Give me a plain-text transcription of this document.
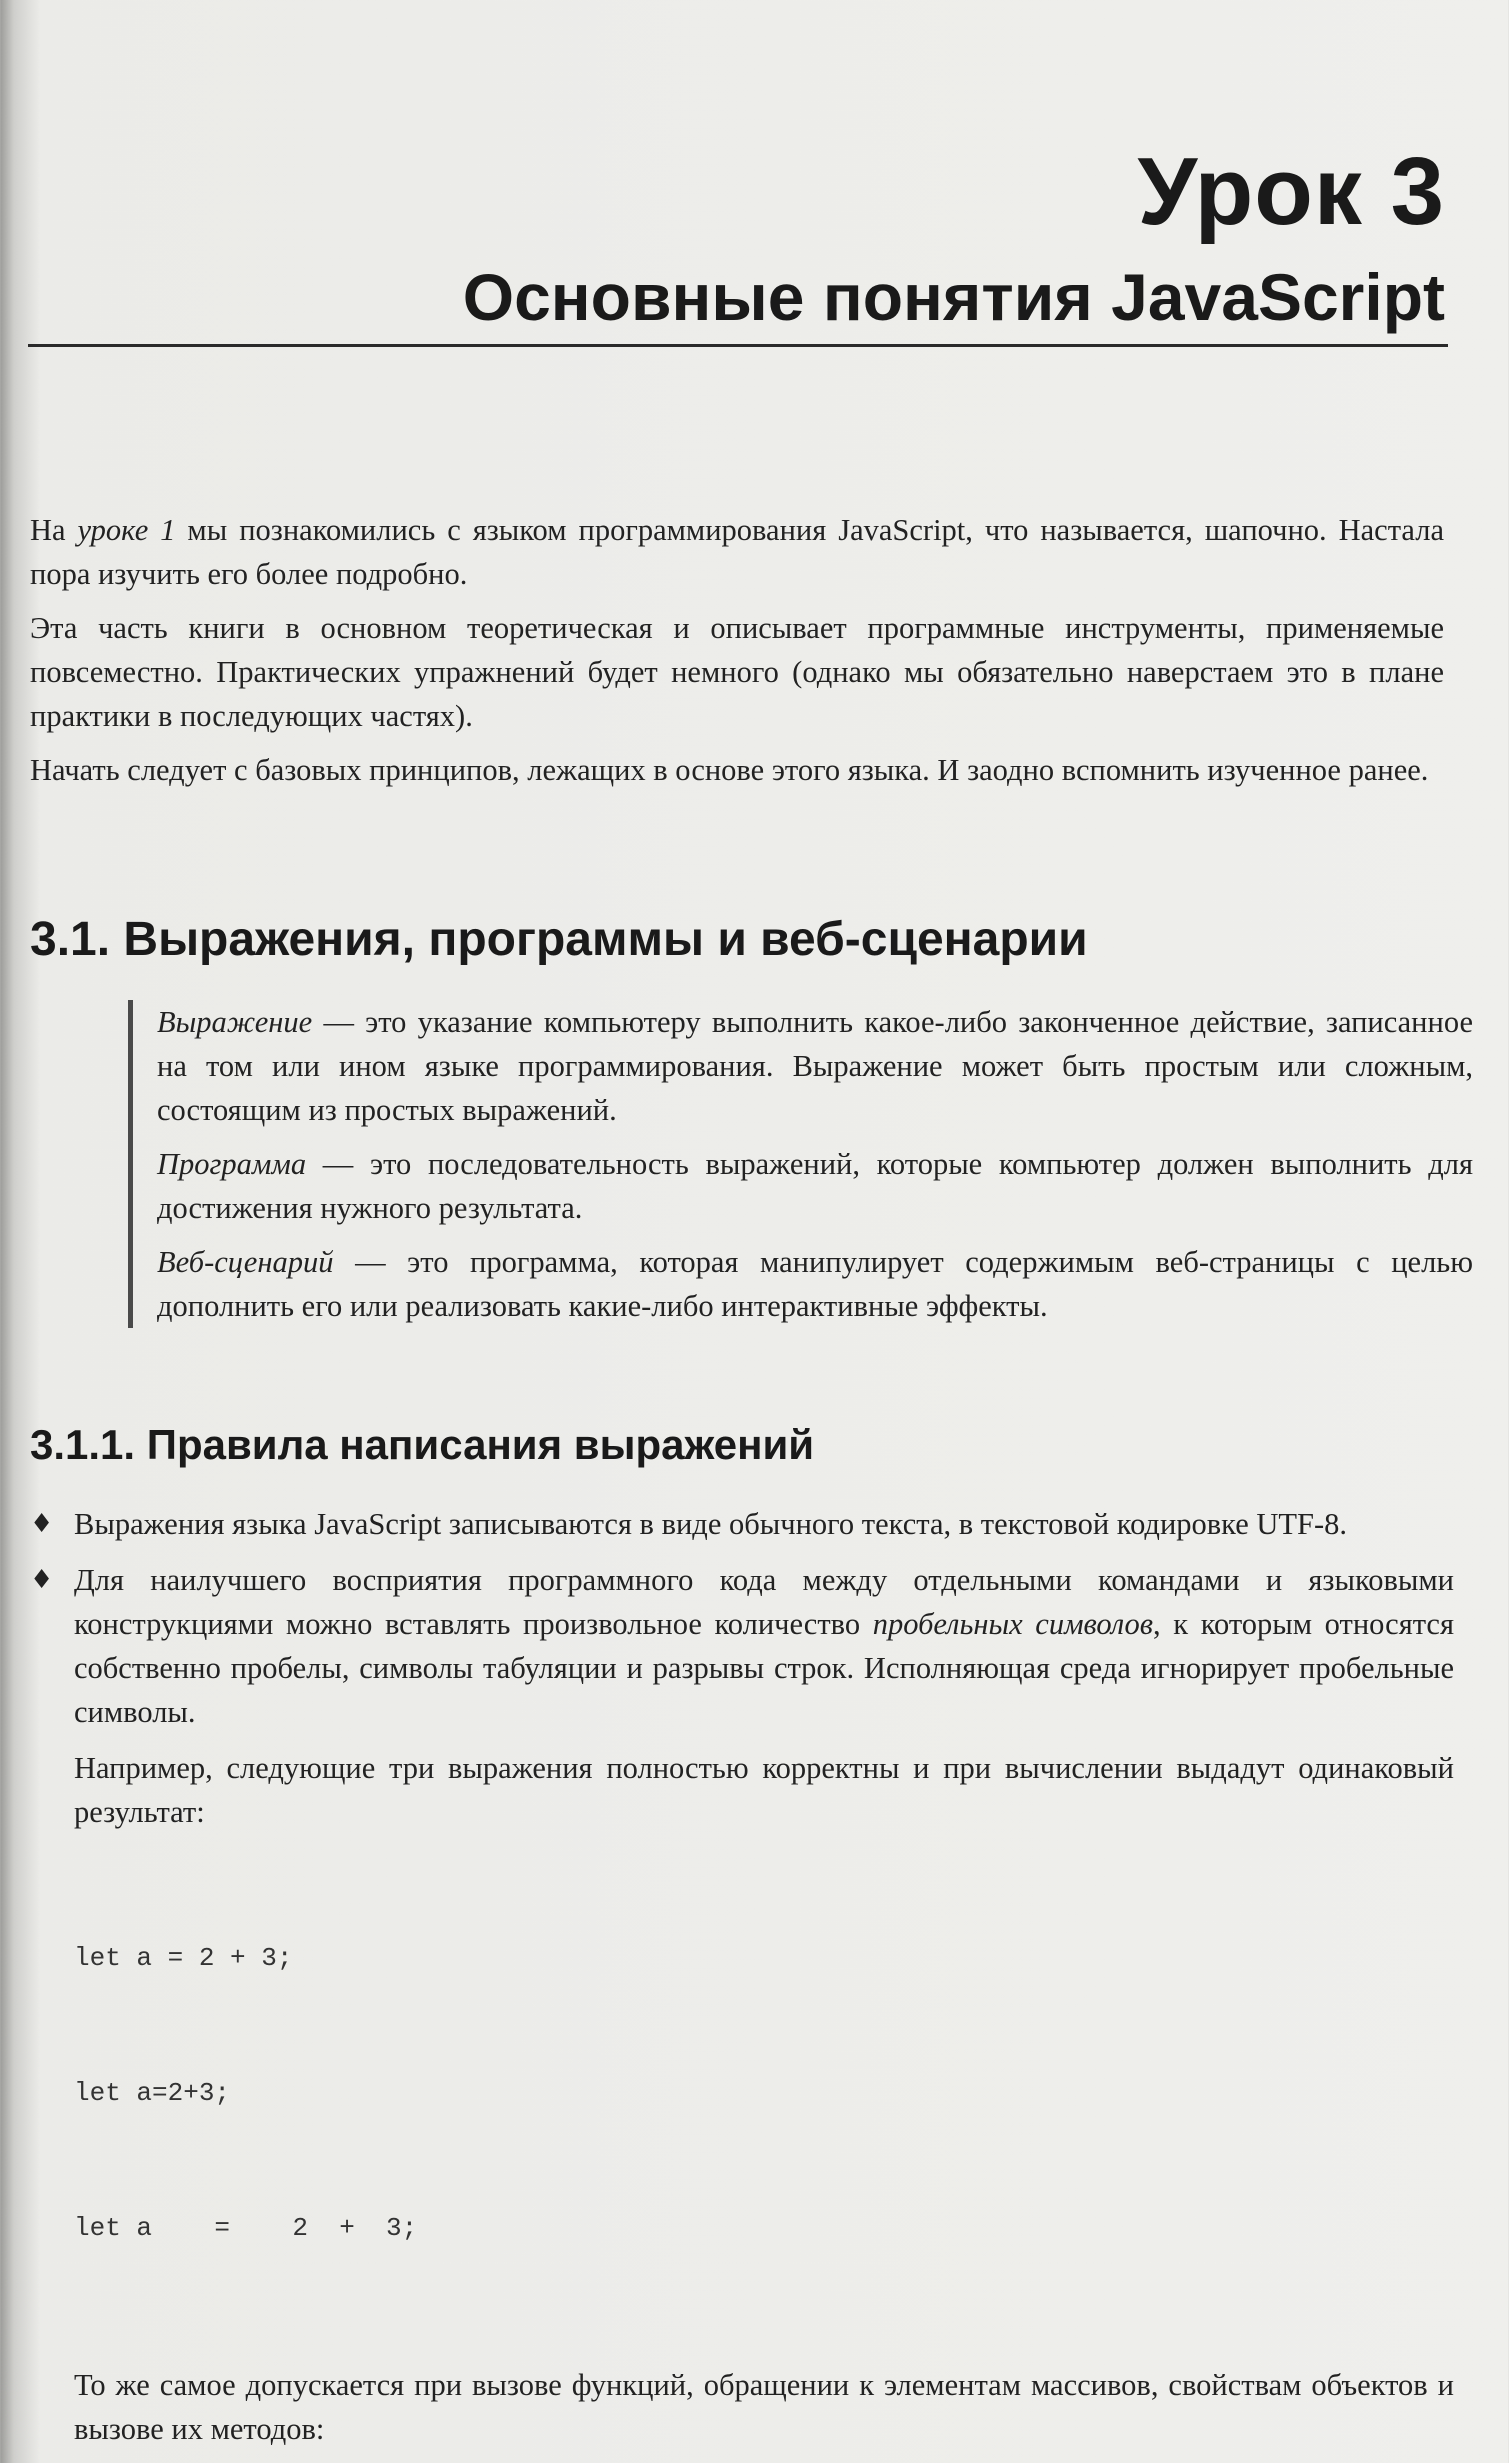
Урок 3
Основные понятия JavaScript

На уроке 1 мы познакомились с языком программирования JavaScript, что называется, шапочно. Настала пора изучить его более подробно.

Эта часть книги в основном теоретическая и описывает программные инструменты, применяемые повсеместно. Практических упражнений будет немного (однако мы обязательно наверстаем это в плане практики в последующих частях).

Начать следует с базовых принципов, лежащих в основе этого языка. И заодно вспомнить изученное ранее.

3.1. Выражения, программы и веб-сценарии

Выражение — это указание компьютеру выполнить какое-либо законченное действие, записанное на том или ином языке программирования. Выражение может быть простым или сложным, состоящим из простых выражений.

Программа — это последовательность выражений, которые компьютер должен выполнить для достижения нужного результата.

Веб-сценарий — это программа, которая манипулирует содержимым веб-страницы с целью дополнить его или реализовать какие-либо интерактивные эффекты.

3.1.1. Правила написания выражений
♦ Выражения языка JavaScript записываются в виде обычного текста, в текстовой кодировке UTF-8.
♦ Для наилучшего восприятия программного кода между отдельными командами и языковыми конструкциями можно вставлять произвольное количество пробельных символов, к которым относятся собственно пробелы, символы табуляции и разрывы строк. Исполняющая среда игнорирует пробельные символы.
Например, следующие три выражения полностью корректны и при вычислении выдадут одинаковый результат:

let a = 2 + 3;

let a=2+3;

let a    =    2  +  3;

То же самое допускается при вызове функций, обращении к элементам массивов, свойствам объектов и вызове их методов:
